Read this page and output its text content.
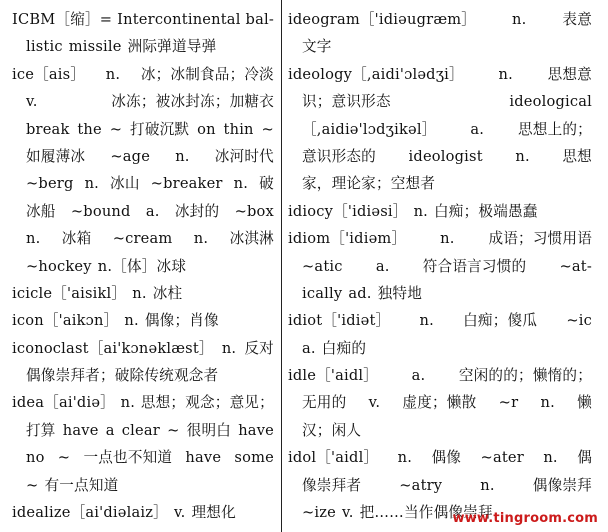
ICBM［缩］= Intercontinental bal-
listic missile 洲际弹道导弹
ice［ais］ n. 冰；冰制食品；冷淡
v.	冰冻；被冰封冻；加糖衣
break the ~ 打破沉默 on thin ~
如履薄冰 ~age n. 冰河时代
~berg n. 冰山 ~breaker n. 破
冰船 ~bound a. 冰封的 ~box
n. 冰箱 ~cream n. 冰淇淋
~hockey n.［体］冰球
icicle［'aisikl］ n. 冰柱
icon［'aikɔn］ n. 偶像；肖像
iconoclast［ai'kɔnəklæst］ n. 反对
偶像崇拜者；破除传统观念者
idea［ai'diə］ n. 思想；观念；意见；
打算 have a clear ~ 很明白 have
no ~ 一点也不知道 have some
~ 有一点知道
idealize［ai'diəlaiz］ v. 理想化
ideogram［'idiəugræm］ n. 表意
文字
ideology［,aidi'ɔlədʒi］ n. 思想意
识；意识形态	ideological
［,aidiə'lɔdʒikəl］ a. 思想上的；
意识形态的 ideologist n. 思想
家，理论家；空想者
idiocy［'idiəsi］ n. 白痴；极端愚蠢
idiom［'idiəm］ n. 成语；习惯用语
~atic a. 符合语言习惯的 ~at-
ically ad. 独特地
idiot［'idiət］ n. 白痴；傻瓜 ~ic
a. 白痴的
idle［'aidl］ a. 空闲的的；懒惰的；
无用的 v. 虚度；懒散 ~r n. 懒
汉；闲人
idol［'aidl］ n. 偶像 ~ater n. 偶
像崇拜者	~atry	n.	偶像崇拜
~ize v. 把……当作偶像崇拜
www.tingroom.com
